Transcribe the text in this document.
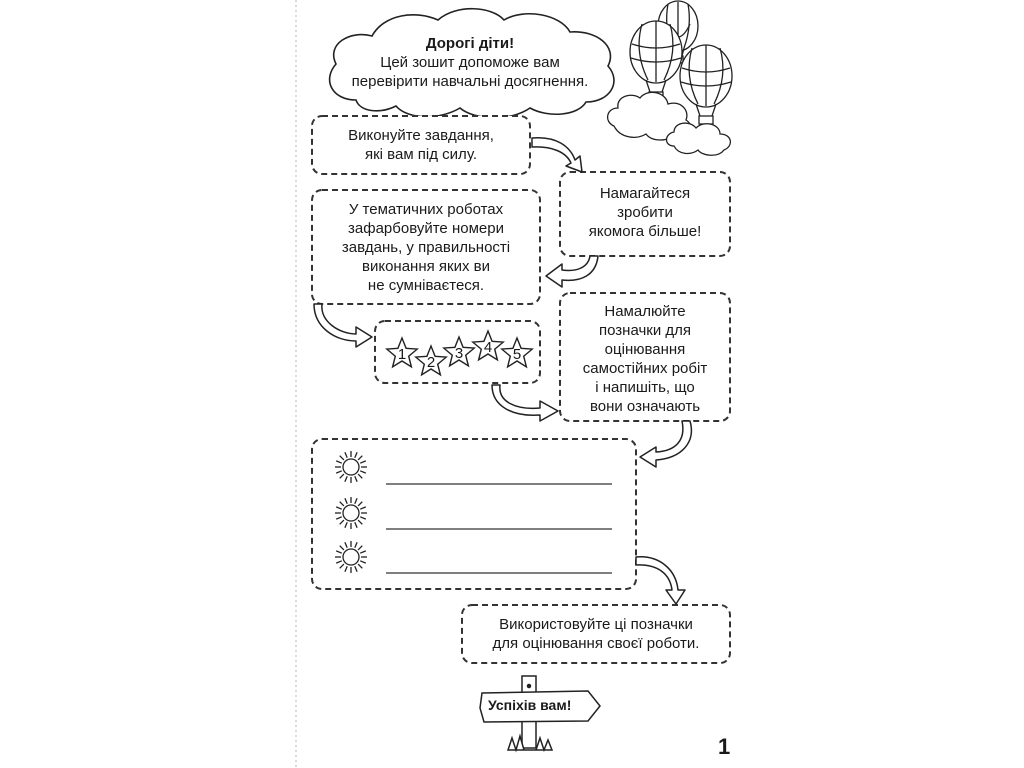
Дорогі діти!
Цей зошит допоможе вам
перевірити навчальні досягнення.
Виконуйте завдання,
які вам під силу.
Намагайтеся
зробити
якомога більше!
У тематичних роботах
зафарбовуйте номери
завдань, у правильності
виконання яких ви
не сумніваєтеся.
Намалюйте
позначки для
оцінювання
самостійних робіт
і напишіть, що
вони означають
Використовуйте ці позначки
для оцінювання своєї роботи.
1	2
3	4	5
Успіхів вам!
1
